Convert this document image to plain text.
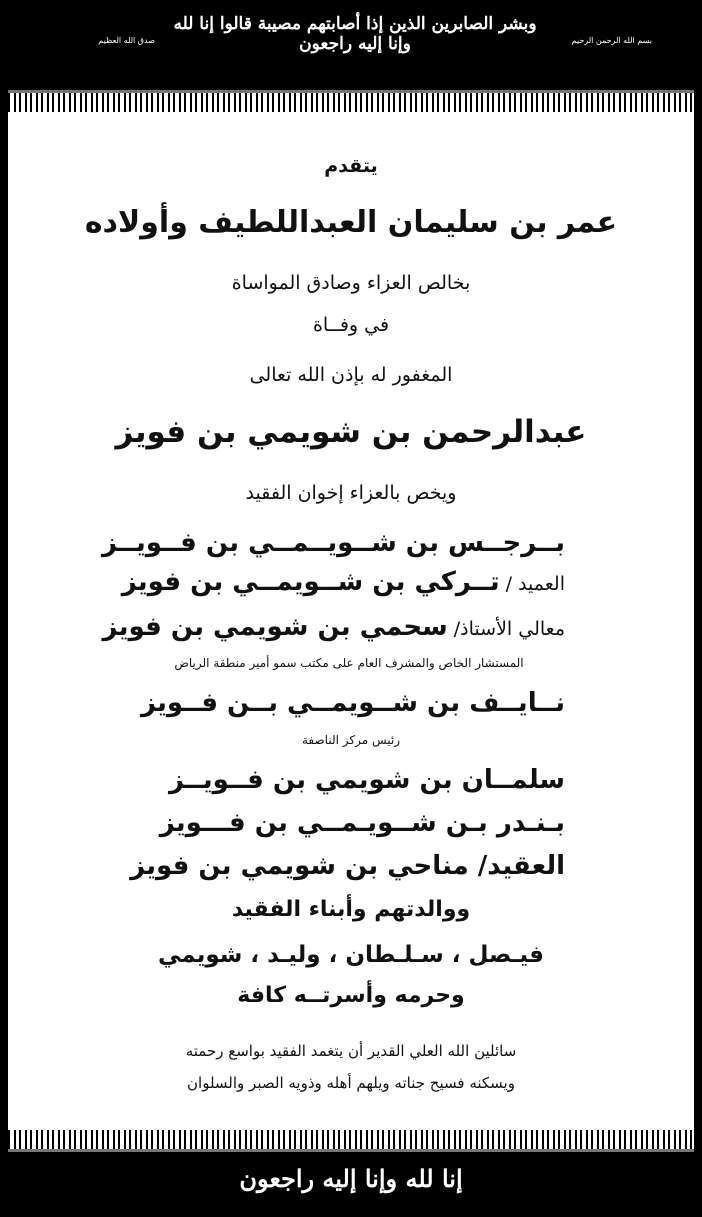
بسم الله الرحمن الرحيم
وبشر الصابرين الذين إذا أصابتهم مصيبة قالوا إنا لله وإنا إليه راجعون
صدق الله العظيم
يتقدم
عمر بن سليمان العبداللطيف وأولاده
بخالص العزاء وصادق المواساة
في وفــاة
المغفور له بإذن الله تعالى
عبدالرحمن بن شويمي بن فويز
ويخص بالعزاء إخوان الفقيد
بــرجــس بن شــويــمــي بن فــويــز
العميد / تــركي بن شــويمــي بن فويز
معالي الأستاذ/ سحمي بن شويمي بن فويز
المستشار الخاص والمشرف العام على مكتب سمو أمير منطقة الرياض
نــايــف بن شــويمــي بــن فــويز
رئيس مركز الناصفة
سلمــان بن شويمي بن فــويــز
بـنـدر بـن شــويـمــي بن فـــويز
العقيد/ مناحي بن شويمي بن فويز
ووالدتهم وأبناء الفقيد
فيـصل ، سـلـطان ، وليـد ، شويمي
وحرمه وأسرتــه كافة
سائلين الله العلي القدير أن يتغمد الفقيد بواسع رحمته
ويسكنه فسيح جناته ويلهم أهله وذويه الصبر والسلوان
إنا لله وإنا إليه راجعون
